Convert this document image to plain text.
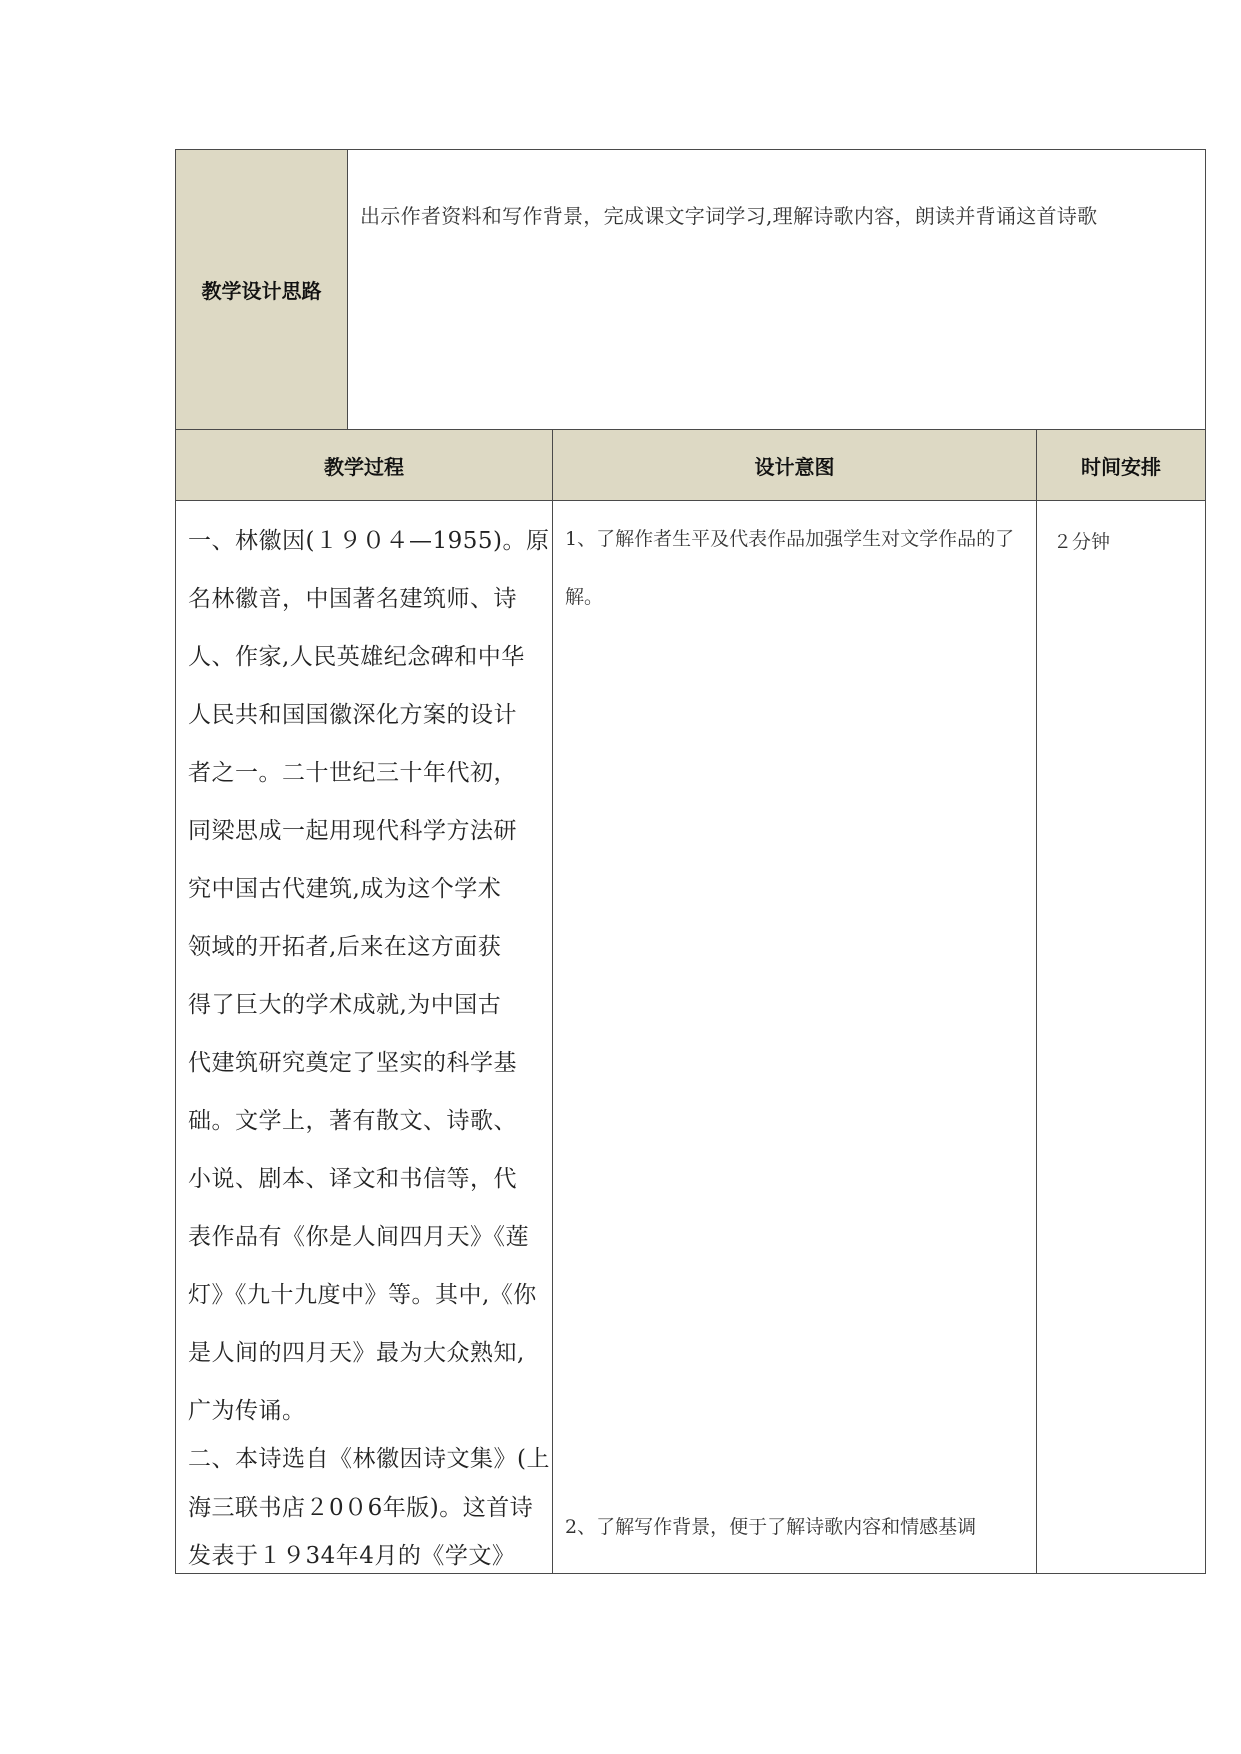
教学设计思路
出示作者资料和写作背景，完成课文字词学习,理解诗歌内容，朗读并背诵这首诗歌
教学过程	设计意图	时间安排
一、林徽因(１９０４—1955)。原
名林徽音，中国著名建筑师、诗
人、作家,人民英雄纪念碑和中华
人民共和国国徽深化方案的设计
者之一。二十世纪三十年代初，
同梁思成一起用现代科学方法研
究中国古代建筑,成为这个学术
领域的开拓者,后来在这方面获
得了巨大的学术成就,为中国古
代建筑研究奠定了坚实的科学基
础。文学上，著有散文、诗歌、
小说、剧本、译文和书信等，代
表作品有《你是人间四月天》《莲
灯》《九十九度中》等。其中,《你
是人间的四月天》最为大众熟知,
广为传诵。
二、本诗选自《林徽因诗文集》(上
海三联书店２0０6年版)。这首诗
发表于１９34年4月的《学文》
1、了解作者生平及代表作品加强学生对文学作品的了解。
2、了解写作背景，便于了解诗歌内容和情感基调
２分钟
